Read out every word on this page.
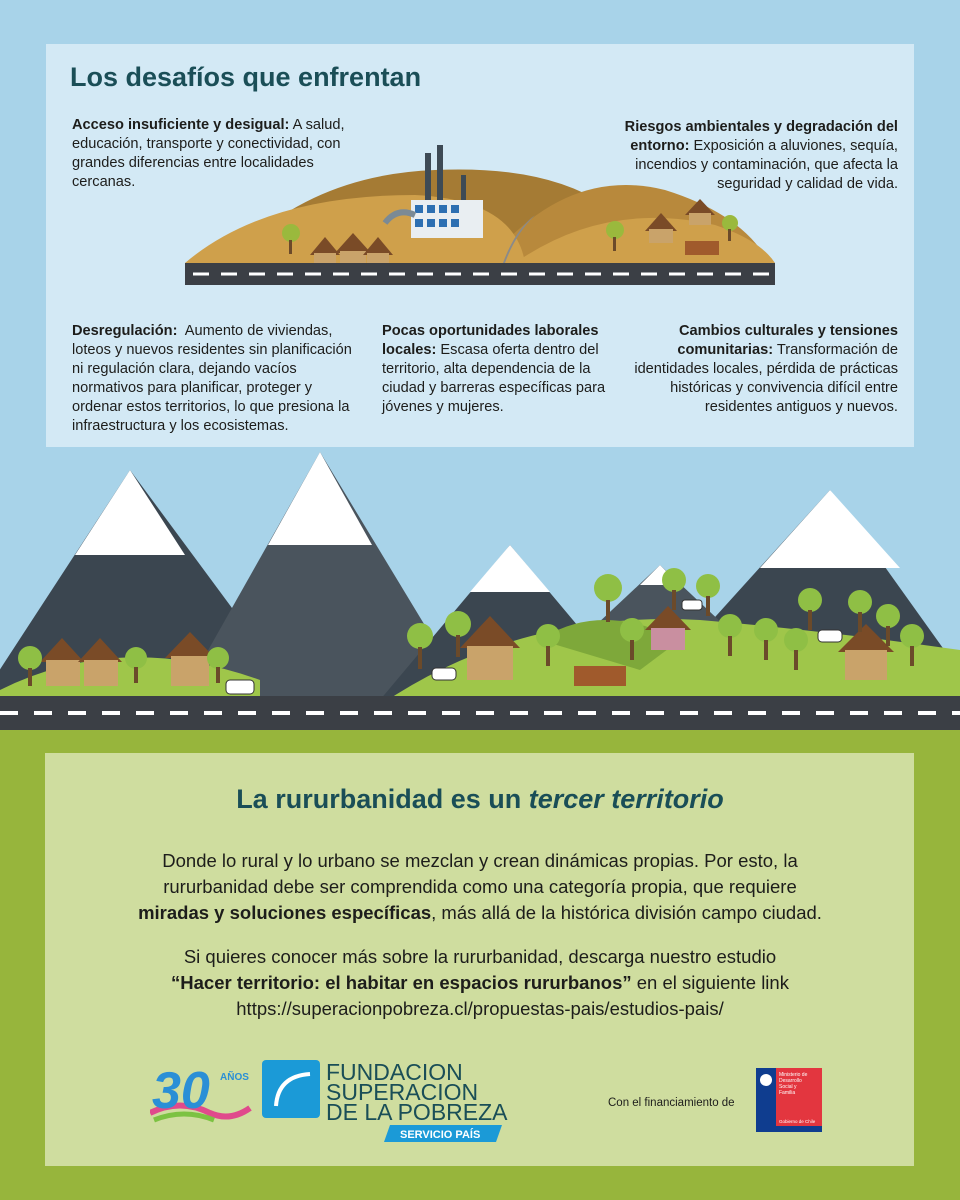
Los desafíos que enfrentan
Acceso insuficiente y desigual: A salud, educación, transporte y conectividad, con grandes diferencias entre localidades cercanas.
Riesgos ambientales y degradación del entorno: Exposición a aluviones, sequía, incendios y contaminación, que afecta la seguridad y calidad de vida.
Desregulación: Aumento de viviendas, loteos y nuevos residentes sin planificación ni regulación clara, dejando vacíos normativos para planificar, proteger y ordenar estos territorios, lo que presiona la infraestructura y los ecosistemas.
Pocas oportunidades laborales locales: Escasa oferta dentro del territorio, alta dependencia de la ciudad y barreras específicas para jóvenes y mujeres.
Cambios culturales y tensiones comunitarias: Transformación de identidades locales, pérdida de prácticas históricas y convivencia difícil entre residentes antiguos y nuevos.
La rururbanidad es un tercer territorio
Donde lo rural y lo urbano se mezclan y crean dinámicas propias. Por esto, la
rururbanidad debe ser comprendida como una categoría propia, que requiere
miradas y soluciones específicas, más allá de la histórica división campo ciudad.
Si quieres conocer más sobre la rururbanidad, descarga nuestro estudio
“Hacer territorio: el habitar en espacios rururbanos” en el siguiente link
https://superacionpobreza.cl/propuestas-pais/estudios-pais/
30 AÑOS	FUNDACION
SUPERACION
DE LA POBREZA
SERVICIO PAÍS
Con el financiamiento de
Ministerio de
Desarrollo
Social y
Familia
Gobierno de Chile
